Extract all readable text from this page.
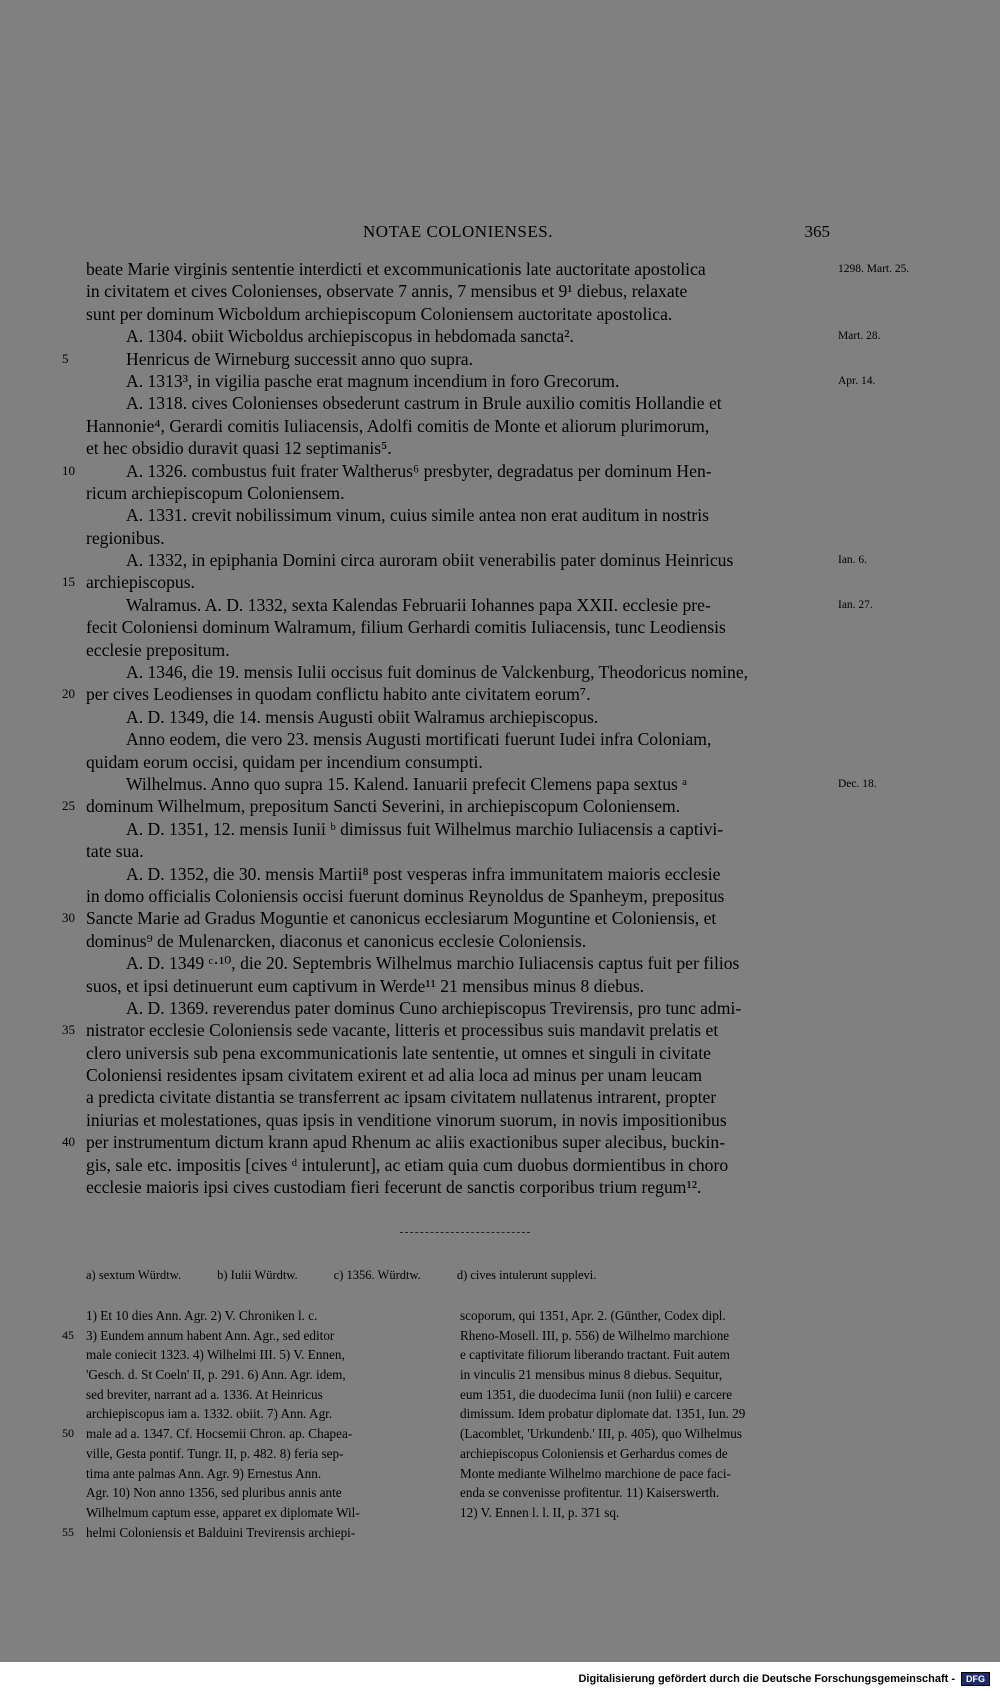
NOTAE COLONIENSES.	365
beate Marie virginis sententie interdicti et excommunicationis late auctoritate apostolica	1298. Mart. 25.
in civitatem et cives Colonienses, observate 7 annis, 7 mensibus et 9¹ diebus, relaxate
sunt per dominum Wicboldum archiepiscopum Coloniensem auctoritate apostolica.
A. 1304. obiit Wicboldus archiepiscopus in hebdomada sancta².	Mart. 28.
Henricus de Wirneburg successit anno quo supra.
5
A. 1313³, in vigilia pasche erat magnum incendium in foro Grecorum.	Apr. 14.
A. 1318. cives Colonienses obsederunt castrum in Brule auxilio comitis Hollandie et
Hannonie⁴, Gerardi comitis Iuliacensis, Adolfi comitis de Monte et aliorum plurimorum,
et hec obsidio duravit quasi 12 septimanis⁵.
A. 1326. combustus fuit frater Waltherus⁶ presbyter, degradatus per dominum Hen-
10
ricum archiepiscopum Coloniensem.
A. 1331. crevit nobilissimum vinum, cuius simile antea non erat auditum in nostris
regionibus.
A. 1332, in epiphania Domini circa auroram obiit venerabilis pater dominus Heinricus	Ian. 6.
archiepiscopus.
15
Walramus. A. D. 1332, sexta Kalendas Februarii Iohannes papa XXII. ecclesie pre-	Ian. 27.
fecit Coloniensi dominum Walramum, filium Gerhardi comitis Iuliacensis, tunc Leodiensis
ecclesie prepositum.
A. 1346, die 19. mensis Iulii occisus fuit dominus de Valckenburg, Theodoricus nomine,
per cives Leodienses in quodam conflictu habito ante civitatem eorum⁷.
20
A. D. 1349, die 14. mensis Augusti obiit Walramus archiepiscopus.
Anno eodem, die vero 23. mensis Augusti mortificati fuerunt Iudei infra Coloniam,
quidam eorum occisi, quidam per incendium consumpti.
Wilhelmus. Anno quo supra 15. Kalend. Ianuarii prefecit Clemens papa sextus ᵃ	Dec. 18.
dominum Wilhelmum, prepositum Sancti Severini, in archiepiscopum Coloniensem.
25
A. D. 1351, 12. mensis Iunii ᵇ dimissus fuit Wilhelmus marchio Iuliacensis a captivi-
tate sua.
A. D. 1352, die 30. mensis Martii⁸ post vesperas infra immunitatem maioris ecclesie
in domo officialis Coloniensis occisi fuerunt dominus Reynoldus de Spanheym, prepositus
Sancte Marie ad Gradus Moguntie et canonicus ecclesiarum Moguntine et Coloniensis, et
30
dominus⁹ de Mulenarcken, diaconus et canonicus ecclesie Coloniensis.
A. D. 1349 ᶜ·¹⁰, die 20. Septembris Wilhelmus marchio Iuliacensis captus fuit per filios
suos, et ipsi detinuerunt eum captivum in Werde¹¹ 21 mensibus minus 8 diebus.
A. D. 1369. reverendus pater dominus Cuno archiepiscopus Trevirensis, pro tunc admi-
nistrator ecclesie Coloniensis sede vacante, litteris et processibus suis mandavit prelatis et
35
clero universis sub pena excommunicationis late sententie, ut omnes et singuli in civitate
Coloniensi residentes ipsam civitatem exirent et ad alia loca ad minus per unam leucam
a predicta civitate distantia se transferrent ac ipsam civitatem nullatenus intrarent, propter
iniurias et molestationes, quas ipsis in venditione vinorum suorum, in novis impositionibus
per instrumentum dictum krann apud Rhenum ac aliis exactionibus super alecibus, buckin-
40
gis, sale etc. impositis [cives ᵈ intulerunt], ac etiam quia cum duobus dormientibus in choro
ecclesie maioris ipsi cives custodiam fieri fecerunt de sanctis corporibus trium regum¹².
a) sextum Würdtw.	b) Iulii Würdtw.	c) 1356. Würdtw.	d) cives intulerunt supplevi.
1) Et 10 dies Ann. Agr. 2) V. Chroniken l. c.
3) Eundem annum habent Ann. Agr., sed editor
45
male coniecit 1323. 4) Wilhelmi III. 5) V. Ennen,
'Gesch. d. St Coeln' II, p. 291. 6) Ann. Agr. idem,
sed breviter, narrant ad a. 1336. At Heinricus
archiepiscopus iam a. 1332. obiit. 7) Ann. Agr.
male ad a. 1347. Cf. Hocsemii Chron. ap. Chapea-
50
ville, Gesta pontif. Tungr. II, p. 482. 8) feria sep-
tima ante palmas Ann. Agr. 9) Ernestus Ann.
Agr. 10) Non anno 1356, sed pluribus annis ante
Wilhelmum captum esse, apparet ex diplomate Wil-
helmi Coloniensis et Balduini Trevirensis archiepi-
55
scoporum, qui 1351, Apr. 2. (Günther, Codex dipl.
Rheno-Mosell. III, p. 556) de Wilhelmo marchione
e captivitate filiorum liberando tractant. Fuit autem
in vinculis 21 mensibus minus 8 diebus. Sequitur,
eum 1351, die duodecima Iunii (non Iulii) e carcere
dimissum. Idem probatur diplomate dat. 1351, Iun. 29
(Lacomblet, 'Urkundenb.' III, p. 405), quo Wilhelmus
archiepiscopus Coloniensis et Gerhardus comes de
Monte mediante Wilhelmo marchione de pace faci-
enda se convenisse profitentur. 11) Kaiserswerth.
12) V. Ennen l. l. II, p. 371 sq.
Digitalisierung gefördert durch die Deutsche Forschungsgemeinschaft -	DFG
